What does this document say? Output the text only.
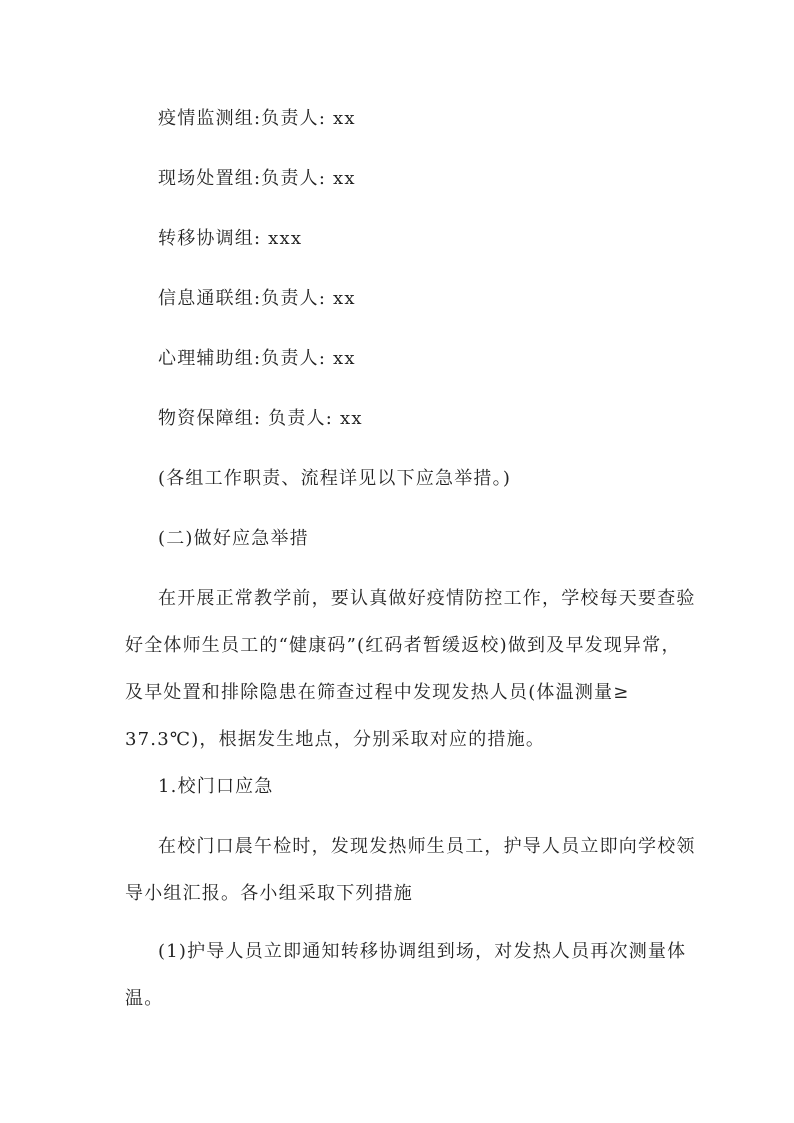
疫情监测组:负责人: xx
现场处置组:负责人: xx
转移协调组: xxx
信息通联组:负责人: xx
心理辅助组:负责人: xx
物资保障组: 负责人: xx
(各组工作职责、流程详见以下应急举措。)
(二)做好应急举措
在开展正常教学前，要认真做好疫情防控工作，学校每天要查验
好全体师生员工的“健康码”(红码者暂缓返校)做到及早发现异常，
及早处置和排除隐患在筛查过程中发现发热人员(体温测量≥
37.3℃)，根据发生地点，分别采取对应的措施。
1.校门口应急
在校门口晨午检时，发现发热师生员工，护导人员立即向学校领
导小组汇报。各小组采取下列措施
(1)护导人员立即通知转移协调组到场，对发热人员再次测量体
温。
